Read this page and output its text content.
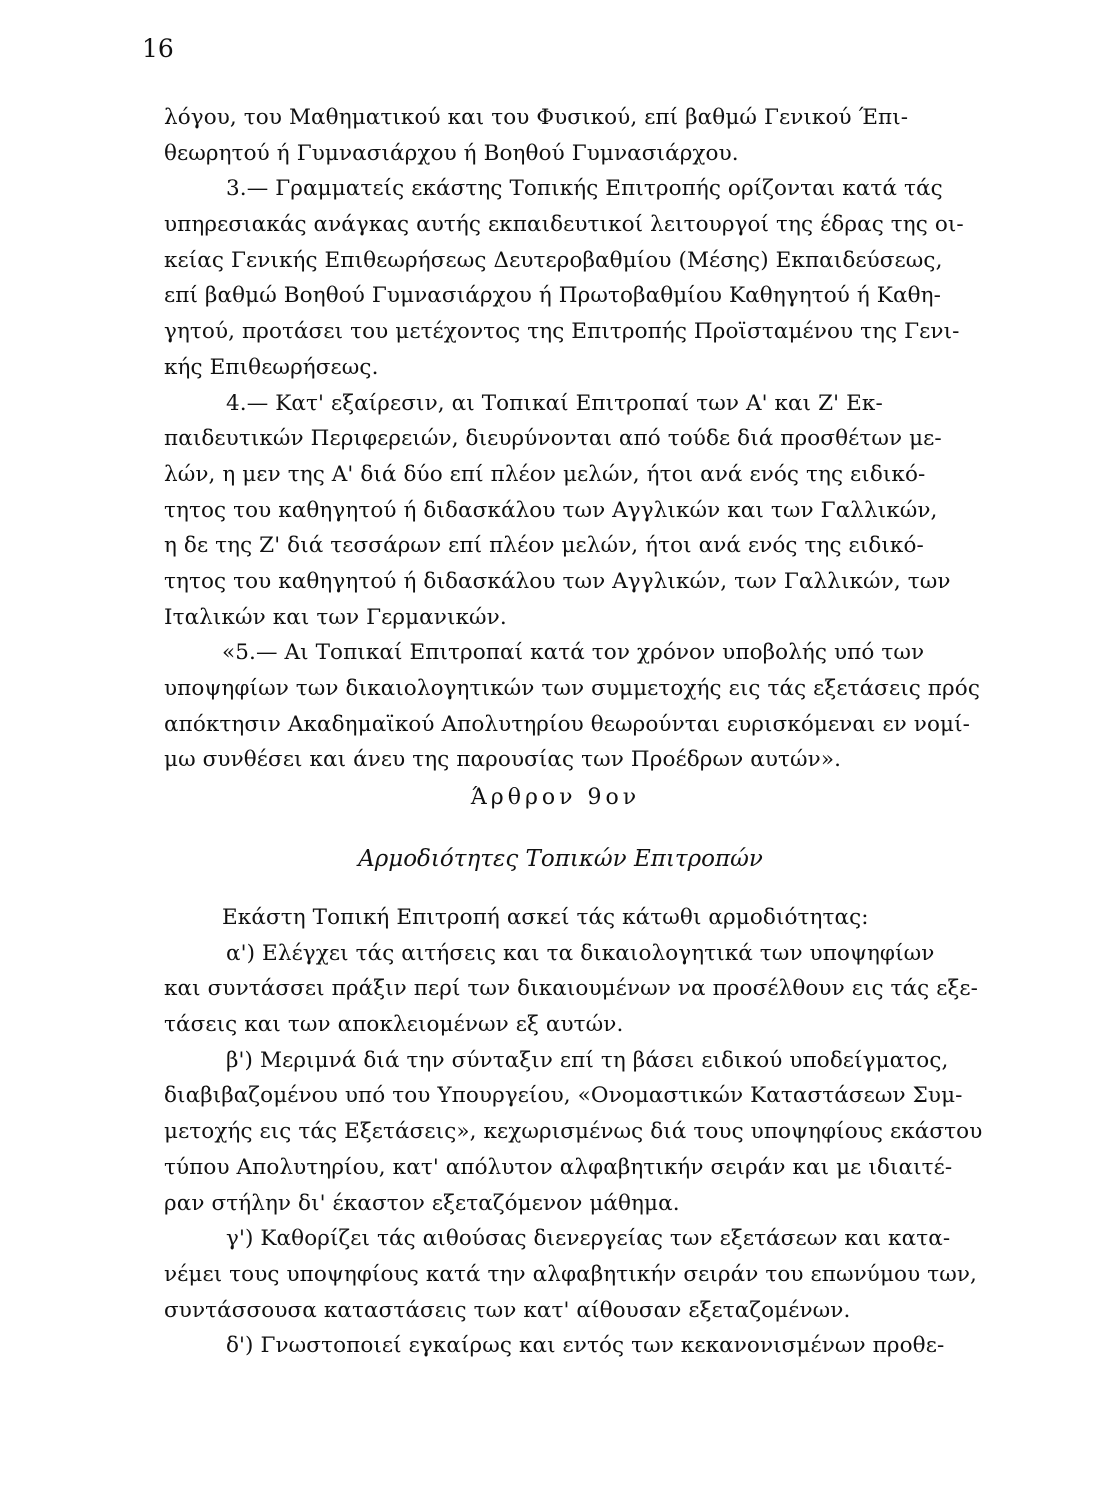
16
λόγου, του Μαθηματικού και του Φυσικού, επί βαθμώ Γενικού Έπι-
θεωρητού ή Γυμνασιάρχου ή Βοηθού Γυμνασιάρχου.
3.— Γραμματείς εκάστης Τοπικής Επιτροπής ορίζονται κατά τάς
υπηρεσιακάς ανάγκας αυτής εκπαιδευτικοί λειτουργοί της έδρας της οι-
κείας Γενικής Επιθεωρήσεως Δευτεροβαθμίου (Μέσης) Εκπαιδεύσεως,
επί βαθμώ Βοηθού Γυμνασιάρχου ή Πρωτοβαθμίου Καθηγητού ή Καθη-
γητού, προτάσει του μετέχοντος της Επιτροπής Προϊσταμένου της Γενι-
κής Επιθεωρήσεως.
4.— Κατ' εξαίρεσιν, αι Τοπικαί Επιτροπαί των Α' και Ζ' Εκ-
παιδευτικών Περιφερειών, διευρύνονται από τούδε διά προσθέτων με-
λών, η μεν της Α' διά δύο επί πλέον μελών, ήτοι ανά ενός της ειδικό-
τητος του καθηγητού ή διδασκάλου των Αγγλικών και των Γαλλικών,
η δε της Ζ' διά τεσσάρων επί πλέον μελών, ήτοι ανά ενός της ειδικό-
τητος του καθηγητού ή διδασκάλου των Αγγλικών, των Γαλλικών, των
Ιταλικών και των Γερμανικών.
«5.— Αι Τοπικαί Επιτροπαί κατά τον χρόνον υποβολής υπό των
υποψηφίων των δικαιολογητικών των συμμετοχής εις τάς εξετάσεις πρός
απόκτησιν Ακαδημαϊκού Απολυτηρίου θεωρούνται ευρισκόμεναι εν νομί-
μω συνθέσει και άνευ της παρουσίας των Προέδρων αυτών».
Άρθρον 9ον
Αρμοδιότητες Τοπικών Επιτροπών
Εκάστη Τοπική Επιτροπή ασκεί τάς κάτωθι αρμοδιότητας:
α') Ελέγχει τάς αιτήσεις και τα δικαιολογητικά των υποψηφίων
και συντάσσει πράξιν περί των δικαιουμένων να προσέλθουν εις τάς εξε-
τάσεις και των αποκλειομένων εξ αυτών.
β') Μεριμνά διά την σύνταξιν επί τη βάσει ειδικού υποδείγματος,
διαβιβαζομένου υπό του Υπουργείου, «Ονομαστικών Καταστάσεων Συμ-
μετοχής εις τάς Εξετάσεις», κεχωρισμένως διά τους υποψηφίους εκάστου
τύπου Απολυτηρίου, κατ' απόλυτον αλφαβητικήν σειράν και με ιδιαιτέ-
ραν στήλην δι' έκαστον εξεταζόμενον μάθημα.
γ') Καθορίζει τάς αιθούσας διενεργείας των εξετάσεων και κατα-
νέμει τους υποψηφίους κατά την αλφαβητικήν σειράν του επωνύμου των,
συντάσσουσα καταστάσεις των κατ' αίθουσαν εξεταζομένων.
δ') Γνωστοποιεί εγκαίρως και εντός των κεκανονισμένων προθε-
